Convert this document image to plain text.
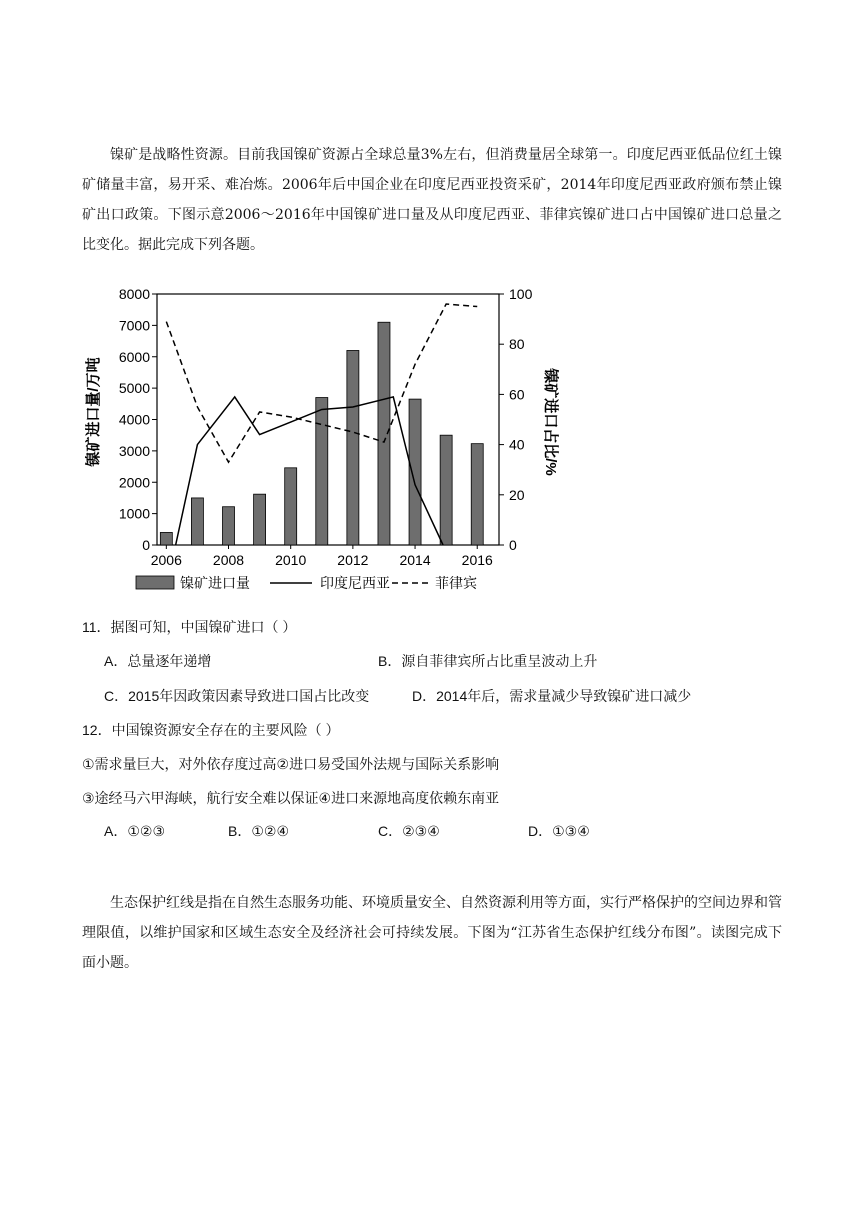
镍矿是战略性资源。目前我国镍矿资源占全球总量3%左右，但消费量居全球第一。印度尼西亚低品位红土镍矿储量丰富，易开采、难冶炼。2006年后中国企业在印度尼西亚投资采矿，2014年印度尼西亚政府颁布禁止镍矿出口政策。下图示意2006～2016年中国镍矿进口量及从印度尼西亚、菲律宾镍矿进口占中国镍矿进口总量之比变化。据此完成下列各题。

0
1000
2000
3000
4000
5000
6000
7000
8000
0
20
40
60
80
100
2006 2008 2010 2012 2014 2016
镍矿进口量/万吨	镍矿进口占比/%
镍矿进口量	印度尼西亚	菲律宾
11．据图可知，中国镍矿进口（ ）
A．总量逐年递增	B．源自菲律宾所占比重呈波动上升
C．2015年因政策因素导致进口国占比改变	D．2014年后，需求量减少导致镍矿进口减少
12．中国镍资源安全存在的主要风险（ ）
①需求量巨大，对外依存度过高②进口易受国外法规与国际关系影响
③途经马六甲海峡，航行安全难以保证④进口来源地高度依赖东南亚
A．①②③	B．①②④	C．②③④	D．①③④

生态保护红线是指在自然生态服务功能、环境质量安全、自然资源利用等方面，实行严格保护的空间边界和管理限值，以维护国家和区域生态安全及经济社会可持续发展。下图为“江苏省生态保护红线分布图”。读图完成下面小题。
